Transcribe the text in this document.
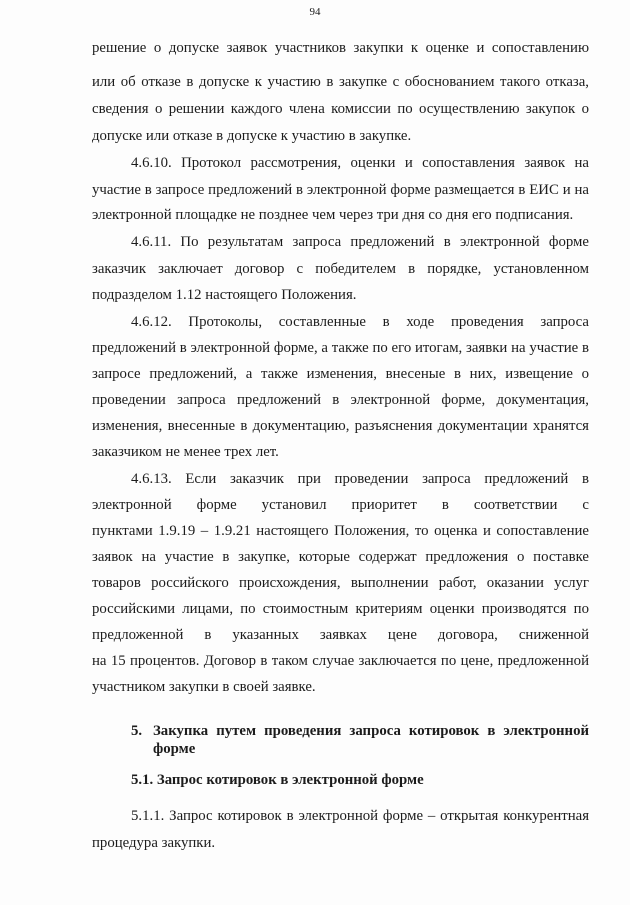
94
решение о допуске заявок участников закупки к оценке и сопоставлению
или об отказе в допуске к участию в закупке с обоснованием такого отказа,
сведения о решении каждого члена комиссии по осуществлению закупок о
допуске или отказе в допуске к участию в закупке.
4.6.10. Протокол рассмотрения, оценки и сопоставления заявок на
участие в запросе предложений в электронной форме размещается в ЕИС и на
электронной площадке не позднее чем через три дня со дня его подписания.
4.6.11. По результатам запроса предложений в электронной форме
заказчик заключает договор с победителем в порядке, установленном
подразделом 1.12 настоящего Положения.
4.6.12. Протоколы, составленные в ходе проведения запроса
предложений в электронной форме, а также по его итогам, заявки на участие в
запросе предложений, а также изменения, внесеные в них, извещение о
проведении запроса предложений в электронной форме, документация,
изменения, внесенные в документацию, разъяснения документации хранятся
заказчиком не менее трех лет.
4.6.13. Если заказчик при проведении запроса предложений в
электронной форме установил приоритет в соответствии с
пунктами 1.9.19 – 1.9.21 настоящего Положения, то оценка и сопоставление
заявок на участие в закупке, которые содержат предложения о поставке
товаров российского происхождения, выполнении работ, оказании услуг
российскими лицами, по стоимостным критериям оценки производятся по
предложенной в указанных заявках цене договора, сниженной
на 15 процентов. Договор в таком случае заключается по цене, предложенной
участником закупки в своей заявке.
5. Закупка путем проведения запроса котировок в электронной
форме
5.1. Запрос котировок в электронной форме
5.1.1. Запрос котировок в электронной форме – открытая конкурентная
процедура закупки.
